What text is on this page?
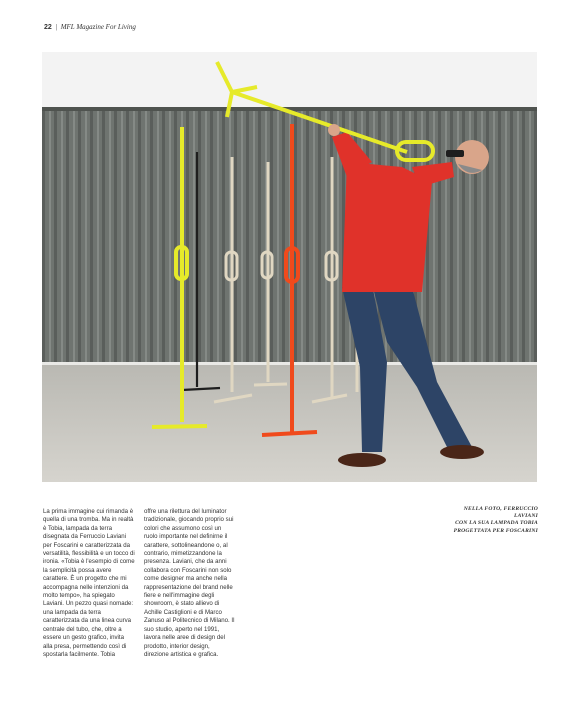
22 | MFL Magazine For Living

La prima immagine cui rimanda è quella di una tromba. Ma in realtà è Tobia, lampada da terra disegnata da Ferruccio Laviani per Foscarini e caratterizzata da versatilità, flessibilità e un tocco di ironia. «Tobia è l'esempio di come la semplicità possa avere carattere. È un progetto che mi accompagna nelle intenzioni da molto tempo», ha spiegato Laviani. Un pezzo quasi nomade: una lampada da terra caratterizzata da una linea curva centrale del tubo, che, oltre a essere un gesto grafico, invita alla presa, permettendo così di spostarla facilmente. Tobia

offre una rilettura del luminator tradizionale, giocando proprio sui colori che assumono così un ruolo importante nel definirne il carattere, sottolineandone o, al contrario, mimetizzandone la presenza. Laviani, che da anni collabora con Foscarini non solo come designer ma anche nella rappresentazione del brand nelle fiere e nell'immagine degli showroom, è stato allievo di Achille Castiglioni e di Marco Zanuso al Politecnico di Milano. Il suo studio, aperto nel 1991, lavora nelle aree di design del prodotto, interior design, direzione artistica e grafica.

NELLA FOTO, FERRUCCIO LAVIANI
CON LA SUA LAMPADA TOBIA
PROGETTATA PER FOSCARINI
